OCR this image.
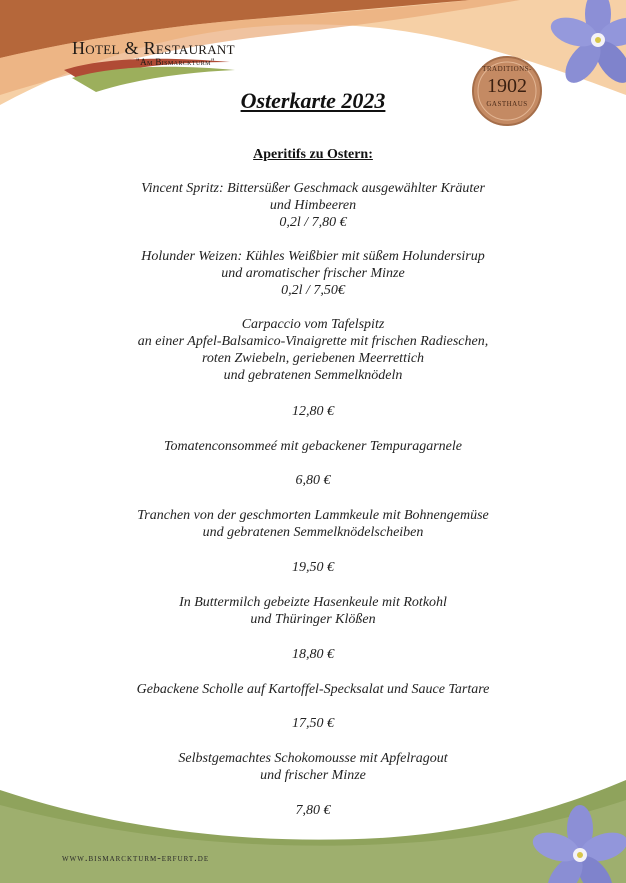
Hotel & Restaurant
"Am Bismarckturm"
TRADITIONS-
1902
GASTHAUS
Osterkarte 2023
Aperitifs zu Ostern:
Vincent Spritz: Bittersüßer Geschmack ausgewählter Kräuter
und Himbeeren
0,2l / 7,80 €
Holunder Weizen: Kühles Weißbier mit süßem Holundersirup
und aromatischer frischer Minze
0,2l / 7,50€
Carpaccio vom Tafelspitz
an einer Apfel-Balsamico-Vinaigrette mit frischen Radieschen,
roten Zwiebeln, geriebenen Meerrettich
und gebratenen Semmelknödeln
12,80 €
Tomatenconsommeé mit gebackener Tempuragarnele
6,80 €
Tranchen von der geschmorten Lammkeule mit Bohnengemüse
und gebratenen Semmelknödelscheiben
19,50 €
In Buttermilch gebeizte Hasenkeule mit Rotkohl
und Thüringer Klößen
18,80 €
Gebackene Scholle auf Kartoffel-Specksalat und Sauce Tartare
17,50 €
Selbstgemachtes Schokomousse mit Apfelragout
und frischer Minze
7,80 €
www.bismarckturm-erfurt.de
